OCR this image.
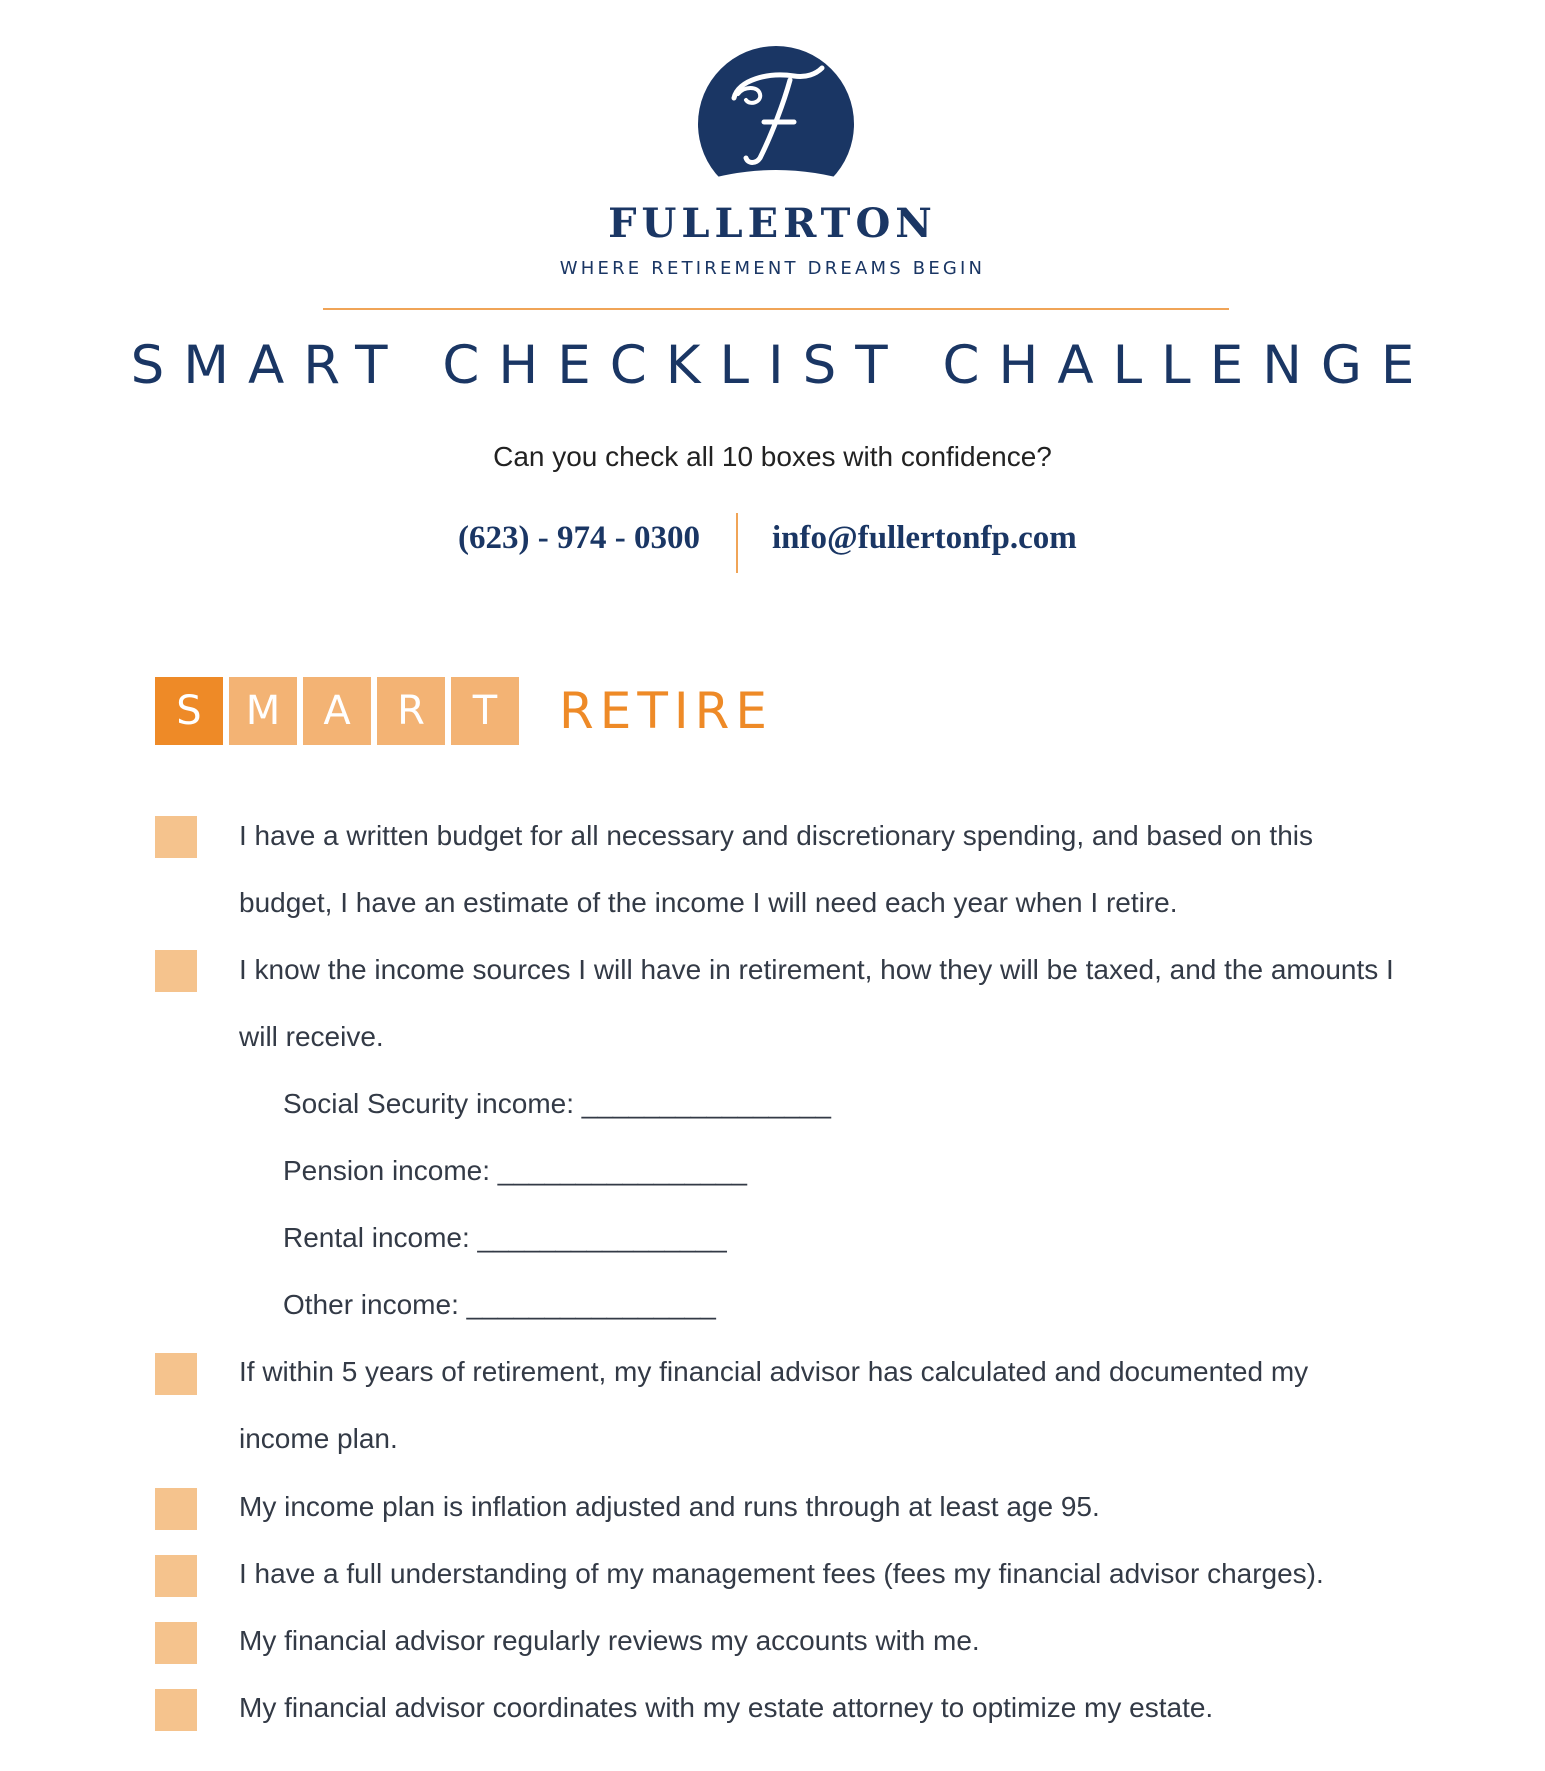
FULLERTON
WHERE RETIREMENT DREAMS BEGIN
SMART CHECKLIST CHALLENGE
Can you check all 10 boxes with confidence?
(623) - 974 - 0300 info@fullertonfp.com
S	M	A	R	T	RETIRE
I have a written budget for all necessary and discretionary spending, and based on this
budget, I have an estimate of the income I will need each year when I retire.
I know the income sources I will have in retirement, how they will be taxed, and the amounts I
will receive.
Social Security income: ________________
Pension income: ________________
Rental income: ________________
Other income: ________________
If within 5 years of retirement, my financial advisor has calculated and documented my
income plan.
My income plan is inflation adjusted and runs through at least age 95.
I have a full understanding of my management fees (fees my financial advisor charges).
My financial advisor regularly reviews my accounts with me.
My financial advisor coordinates with my estate attorney to optimize my estate.
